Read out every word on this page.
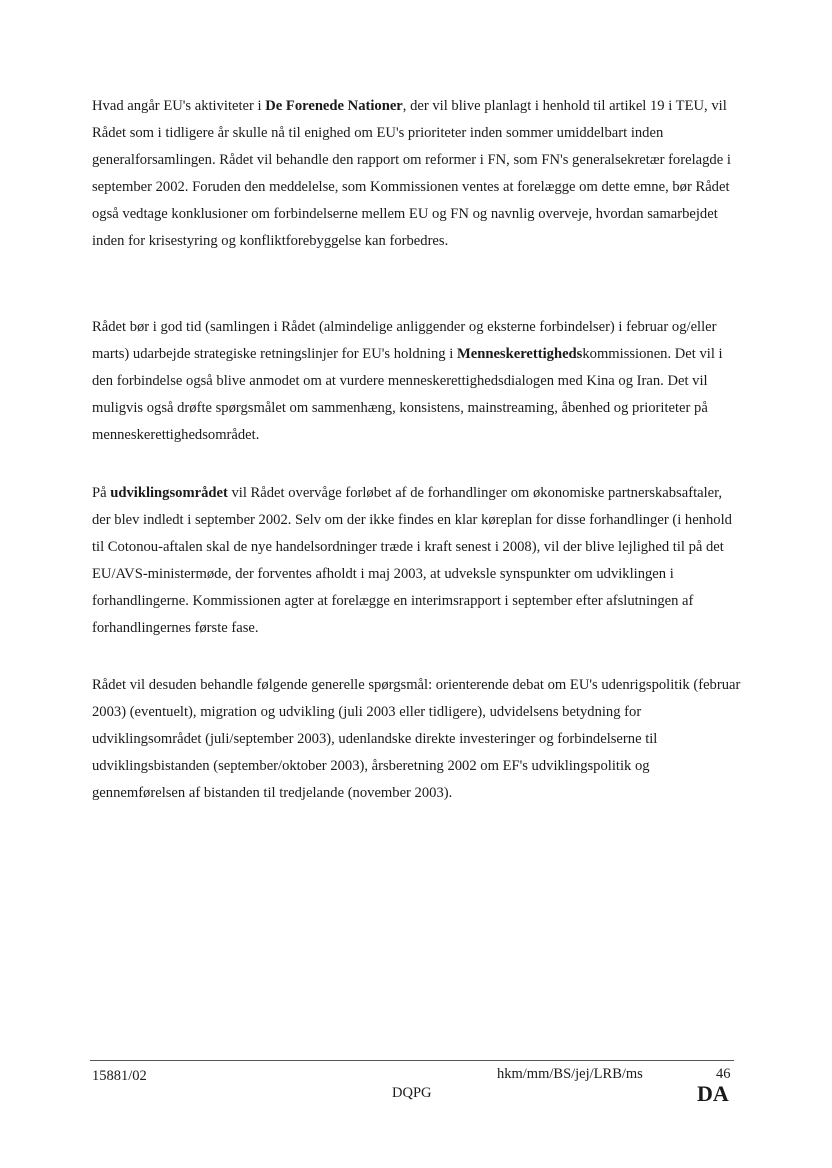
Hvad angår EU's aktiviteter i De Forenede Nationer, der vil blive planlagt i henhold til artikel 19 i TEU, vil Rådet som i tidligere år skulle nå til enighed om EU's prioriteter inden sommer umiddelbart inden generalforsamlingen. Rådet vil behandle den rapport om reformer i FN, som FN's generalsekretær forelagde i september 2002. Foruden den meddelelse, som Kommissionen ventes at forelægge om dette emne, bør Rådet også vedtage konklusioner om forbindelserne mellem EU og FN og navnlig overveje, hvordan samarbejdet inden for krisestyring og konfliktforebyggelse kan forbedres.

Rådet bør i god tid (samlingen i Rådet (almindelige anliggender og eksterne forbindelser) i februar og/eller marts) udarbejde strategiske retningslinjer for EU's holdning i Menneskerettighedskommissionen. Det vil i den forbindelse også blive anmodet om at vurdere menneskerettighedsdialogen med Kina og Iran. Det vil muligvis også drøfte spørgsmålet om sammenhæng, konsistens, mainstreaming, åbenhed og prioriteter på menneskerettighedsområdet.

På udviklingsområdet vil Rådet overvåge forløbet af de forhandlinger om økonomiske partnerskabsaftaler, der blev indledt i september 2002. Selv om der ikke findes en klar køreplan for disse forhandlinger (i henhold til Cotonou-aftalen skal de nye handelsordninger træde i kraft senest i 2008), vil der blive lejlighed til på det EU/AVS-ministermøde, der forventes afholdt i maj 2003, at udveksle synspunkter om udviklingen i forhandlingerne. Kommissionen agter at forelægge en interimsrapport i september efter afslutningen af forhandlingernes første fase.

Rådet vil desuden behandle følgende generelle spørgsmål: orienterende debat om EU's udenrigspolitik (februar 2003) (eventuelt), migration og udvikling (juli 2003 eller tidligere), udvidelsens betydning for udviklingsområdet (juli/september 2003), udenlandske direkte investeringer og forbindelserne til udviklingsbistanden (september/oktober 2003), årsberetning 2002 om EF's udviklingspolitik og gennemførelsen af bistanden til tredjelande (november 2003).

15881/02	hkm/mm/BS/jej/LRB/ms	46
DQPG	DA
